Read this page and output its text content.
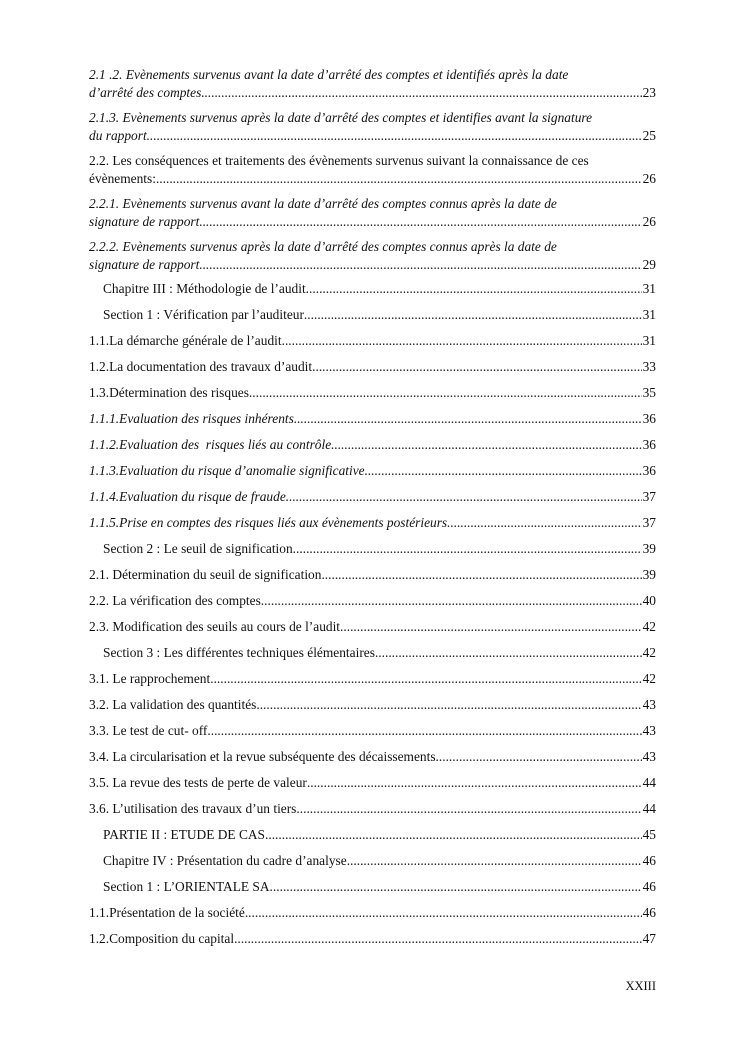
2.1 .2. Evènements survenus avant la date d’arrêté des comptes et identifiés après la date
d’arrêté des comptes .....	23
2.1.3. Evènements survenus après la date d’arrêté des comptes et identifies avant la signature
du rapport .....	25
2.2. Les conséquences et traitements des évènements survenus suivant la connaissance de ces
évènements: .....	26
2.2.1. Evènements survenus avant la date d’arrêté des comptes connus après la date de
signature de rapport .....	26
2.2.2. Evènements survenus après la date d’arrêté des comptes connus après la date de
signature de rapport .....	29
Chapitre III : Méthodologie de l’audit .....	31
Section 1 : Vérification par l’auditeur .....	31
1.1. La démarche générale de l’audit .....	31
1.2. La documentation des travaux d’audit .....	33
1.3. Détermination des risques .....	35
1.1.1. Evaluation des risques inhérents .....	36
1.1.2. Evaluation des  risques liés au contrôle .....	36
1.1.3. Evaluation du risque d’anomalie significative. .....	36
1.1.4. Evaluation du risque de fraude .....	37
1.1.5. Prise en comptes des risques liés aux évènements postérieurs .....	37
Section 2 : Le seuil de signification .....	39
2.1. Détermination du seuil de signification .....	39
2.2. La vérification des comptes .....	40
2.3. Modification des seuils au cours de l’audit .....	42
Section 3 : Les différentes techniques élémentaires .....	42
3.1. Le rapprochement .....	42
3.2. La validation des quantités .....	43
3.3. Le test de cut- off .....	43
3.4. La circularisation et la revue subséquente des décaissements. .....	43
3.5. La revue des tests de perte de valeur .....	44
3.6. L’utilisation des travaux d’un tiers .....	44
PARTIE II : ETUDE DE CAS .....	45
Chapitre IV : Présentation du cadre d’analyse .....	46
Section 1 : L’ORIENTALE SA .....	46
1.1. Présentation de la société .....	46
1.2. Composition du capital .....	47
XXIII
